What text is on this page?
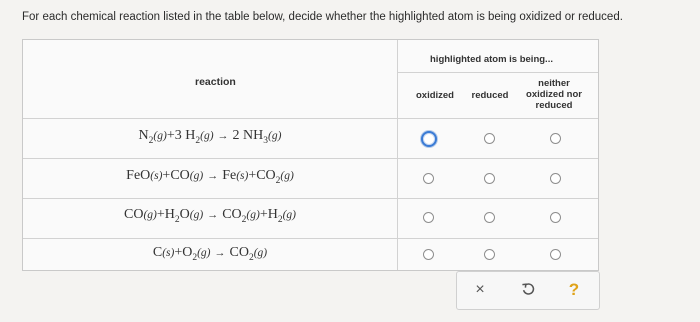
For each chemical reaction listed in the table below, decide whether the highlighted atom is being oxidized or reduced.
reaction
highlighted atom is being...
oxidized	reduced
neither
oxidized nor
reduced
$N_2(g)+3$ $H_2(g) \to 2$ $NH_3(g)$
$FeO(s)+CO(g) \to Fe(s)+CO_2(g)$
$CO(g)+H_2O(g) \to CO_2(g)+H_2(g)$
$C(s)+O_2(g) \to CO_2(g)$
×	?
